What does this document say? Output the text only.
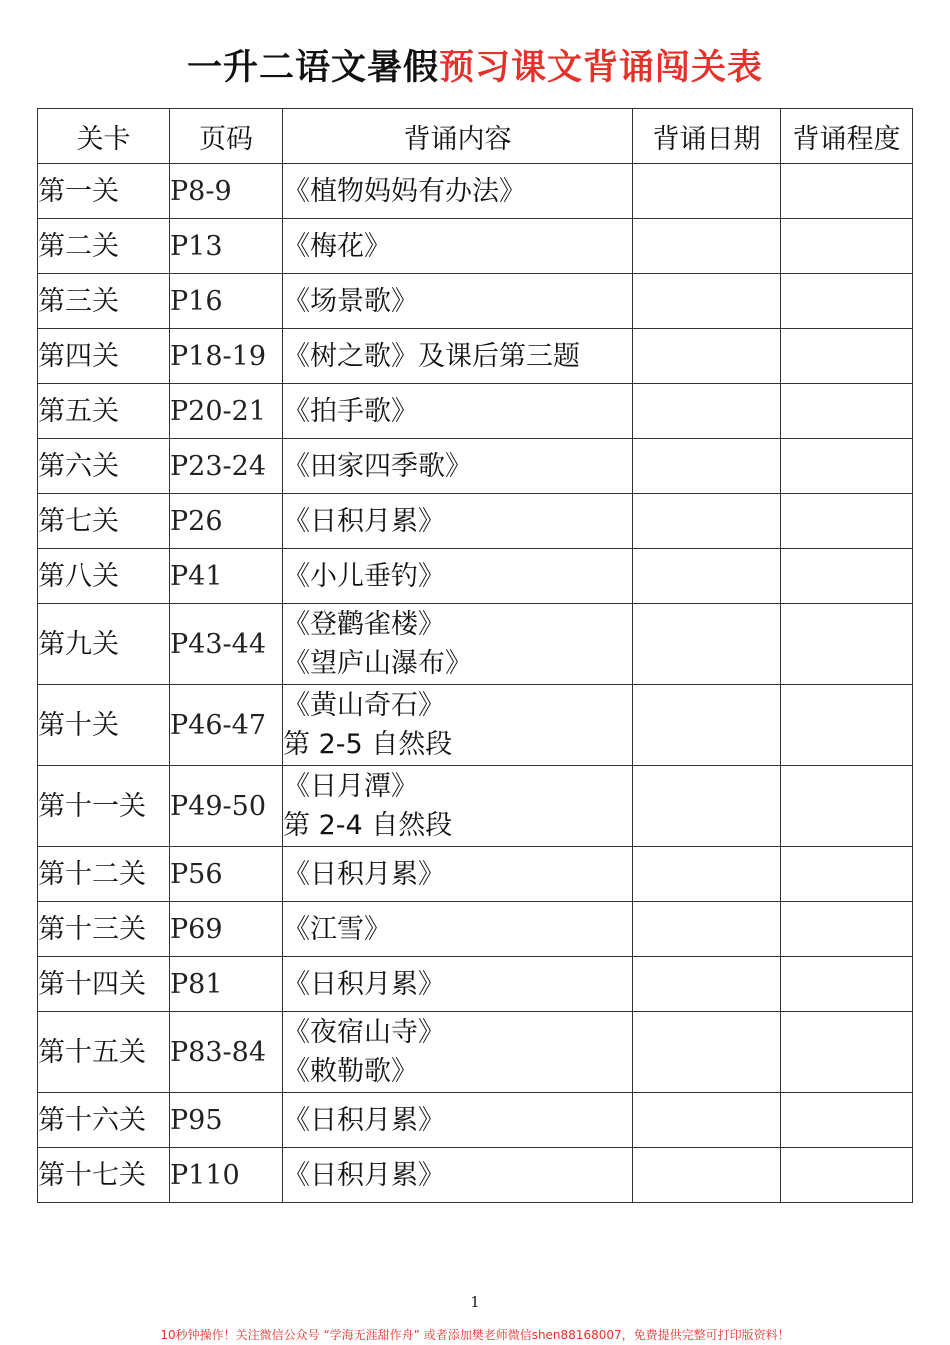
一升二语文暑假预习课文背诵闯关表
关卡	页码	背诵内容	背诵日期	背诵程度
第一关	P8-9	《植物妈妈有办法》		

第二关	P13	《梅花》		

第三关	P16	《场景歌》		

第四关	P18-19	《树之歌》及课后第三题		

第五关	P20-21	《拍手歌》		

第六关	P23-24	《田家四季歌》		

第七关	P26	《日积月累》		

第八关	P41	《小儿垂钓》		

第九关	P43-44	《登鹳雀楼》
《望庐山瀑布》		

第十关	P46-47	《黄山奇石》
第 2-5 自然段		

第十一关	P49-50	《日月潭》
第 2-4 自然段		

第十二关	P56	《日积月累》		

第十三关	P69	《江雪》		

第十四关	P81	《日积月累》		

第十五关	P83-84	《夜宿山寺》
《敕勒歌》		

第十六关	P95	《日积月累》		

第十七关	P110	《日积月累》		

1
10秒钟操作！关注微信公众号 “学海无涯甜作舟” 或者添加樊老师微信shen88168007，免费提供完整可打印版资料！
